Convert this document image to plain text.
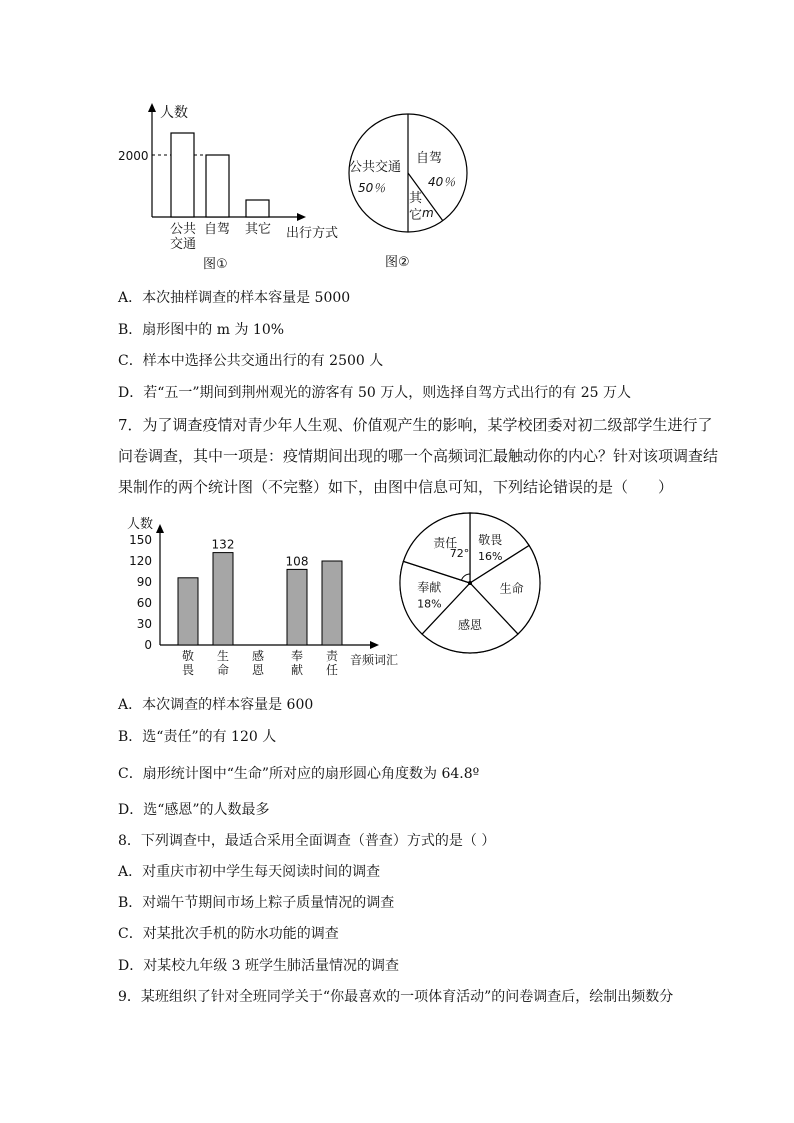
人数
2000
公共
交通
自驾 其它 出行方式
图①
公共交通
50％
自驾
40％
其
它 m
图②
A．本次抽样调查的样本容量是 5000
B．扇形图中的 m 为 10%
C．样本中选择公共交通出行的有 2500 人
D．若“五一”期间到荆州观光的游客有 50 万人，则选择自驾方式出行的有 25 万人
7．为了调查疫情对青少年人生观、价值观产生的影响，某学校团委对初二级部学生进行了
问卷调查，其中一项是：疫情期间出现的哪一个高频词汇最触动你的内心？针对该项调查结
果制作的两个统计图（不完整）如下，由图中信息可知，下列结论错误的是（　　）
人数
音频词汇
0
30
60
90
120
150
敬
畏
132
生
命
感
恩
108
奉
献
责
任
敬畏
16%
生命
感恩
奉献
18%
责任
72°
A．本次调查的样本容量是 600
B．选“责任”的有 120 人
C．扇形统计图中“生命”所对应的扇形圆心角度数为 64.8º
D．选“感恩”的人数最多
8．下列调查中，最适合采用全面调查（普查）方式的是（ ）
A．对重庆市初中学生每天阅读时间的调查
B．对端午节期间市场上粽子质量情况的调查
C．对某批次手机的防水功能的调查
D．对某校九年级 3 班学生肺活量情况的调查
9．某班组织了针对全班同学关于“你最喜欢的一项体育活动”的问卷调查后，绘制出频数分
